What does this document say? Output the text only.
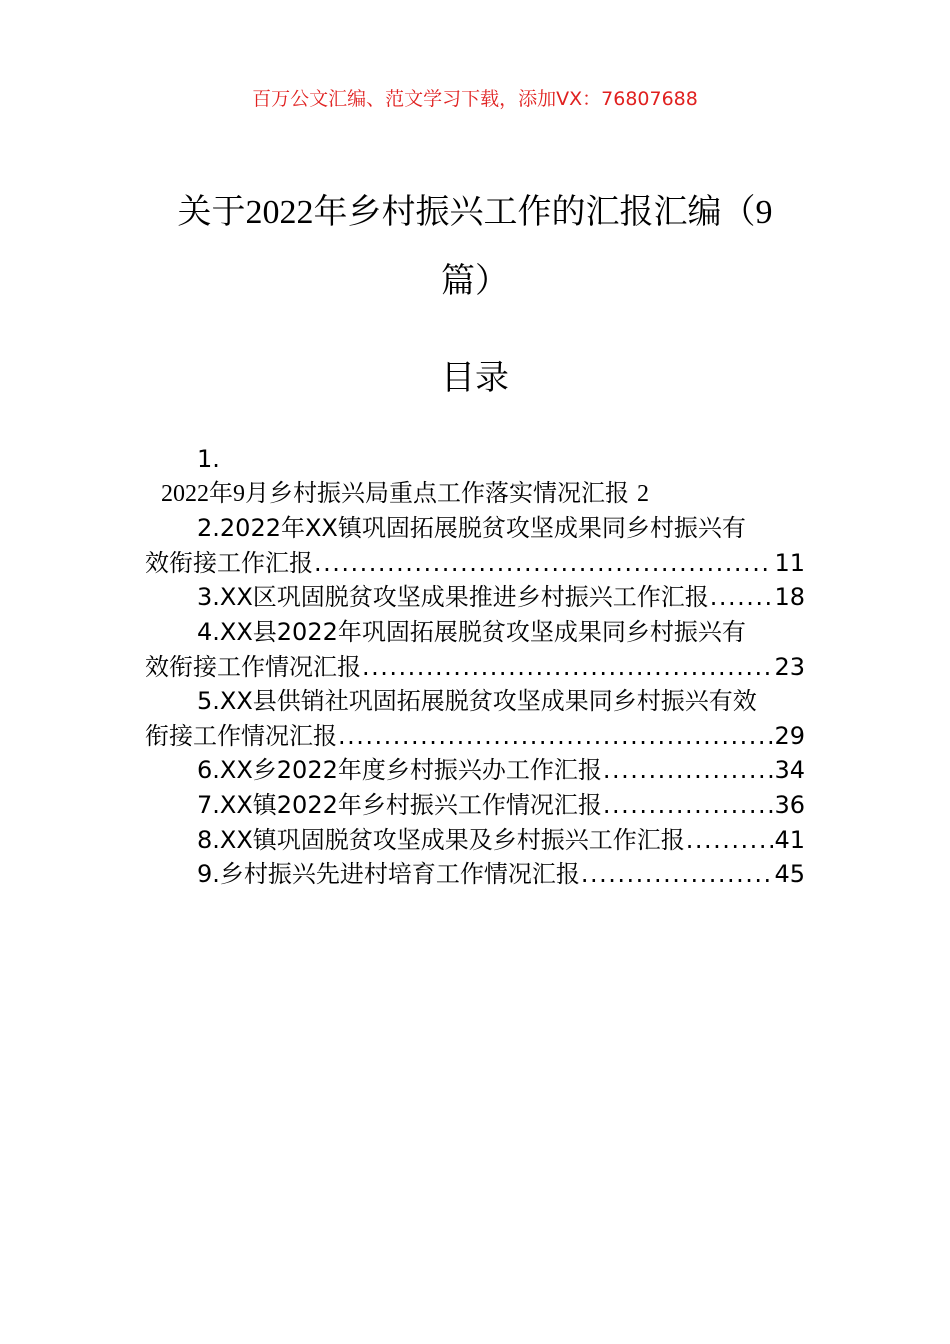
百万公文汇编、范文学习下载，添加VX：76807688
关于2022年乡村振兴工作的汇报汇编（9
篇）
目录
1.
2022年9月乡村振兴局重点工作落实情况汇报 2
2.2022年XX镇巩固拓展脱贫攻坚成果同乡村振兴有
效衔接工作汇报 .....	11
3.XX区巩固脱贫攻坚成果推进乡村振兴工作汇报 .....	18
4.XX县2022年巩固拓展脱贫攻坚成果同乡村振兴有
效衔接工作情况汇报 .....	23
5.XX县供销社巩固拓展脱贫攻坚成果同乡村振兴有效
衔接工作情况汇报 .....	29
6.XX乡2022年度乡村振兴办工作汇报 .....	34
7.XX镇2022年乡村振兴工作情况汇报 .....	36
8.XX镇巩固脱贫攻坚成果及乡村振兴工作汇报 .....	41
9.乡村振兴先进村培育工作情况汇报 .....	45
